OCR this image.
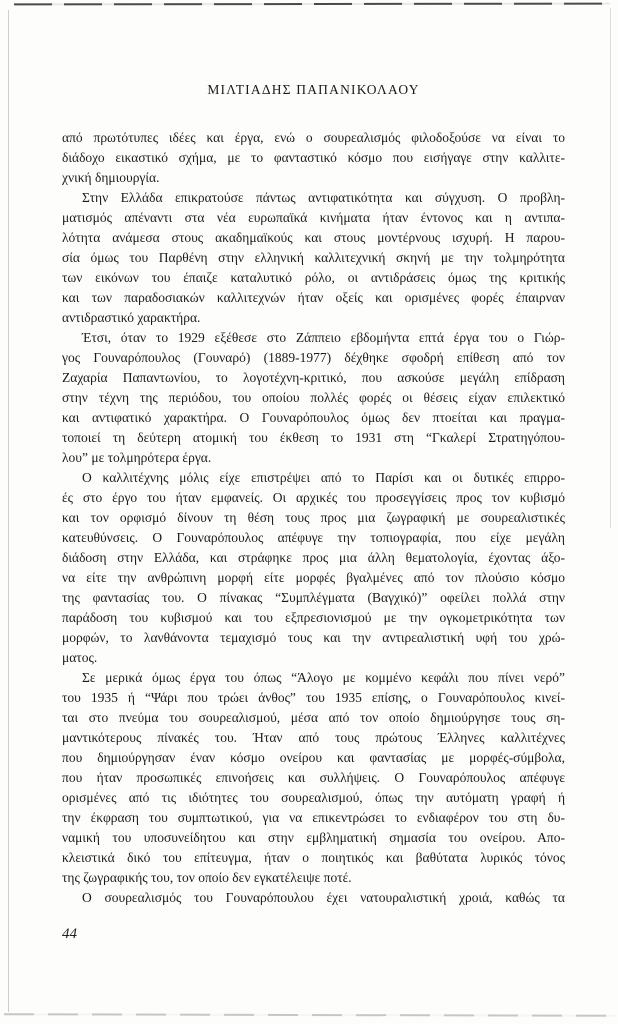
ΜΙΛΤΙΑΔΗΣ ΠΑΠΑΝΙΚΟΛΑΟΥ
από πρωτότυπες ιδέες και έργα, ενώ ο σουρεαλισμός φιλοδοξούσε να είναι το
διάδοχο εικαστικό σχήμα, με το φανταστικό κόσμο που εισήγαγε στην καλλιτε-
χνική δημιουργία.
Στην Ελλάδα επικρατούσε πάντως αντιφατικότητα και σύγχυση. Ο προβλη-
ματισμός απέναντι στα νέα ευρωπαϊκά κινήματα ήταν έντονος και η αντιπα-
λότητα ανάμεσα στους ακαδημαϊκούς και στους μοντέρνους ισχυρή. Η παρου-
σία όμως του Παρθένη στην ελληνική καλλιτεχνική σκηνή με την τολμηρότητα
των εικόνων του έπαιζε καταλυτικό ρόλο, οι αντιδράσεις όμως της κριτικής
και των παραδοσιακών καλλιτεχνών ήταν οξείς και ορισμένες φορές έπαιρναν
αντιδραστικό χαρακτήρα.
Έτσι, όταν το 1929 εξέθεσε στο Ζάππειο εβδομήντα επτά έργα του ο Γιώρ-
γος Γουναρόπουλος (Γουναρό) (1889-1977) δέχθηκε σφοδρή επίθεση από τον
Ζαχαρία Παπαντωνίου, το λογοτέχνη-κριτικό, που ασκούσε μεγάλη επίδραση
στην τέχνη της περιόδου, του οποίου πολλές φορές οι θέσεις είχαν επιλεκτικό
και αντιφατικό χαρακτήρα. Ο Γουναρόπουλος όμως δεν πτοείται και πραγμα-
τοποιεί τη δεύτερη ατομική του έκθεση το 1931 στη “Γκαλερί Στρατηγόπου-
λου” με τολμηρότερα έργα.
Ο καλλιτέχνης μόλις είχε επιστρέψει από το Παρίσι και οι δυτικές επιρρο-
ές στο έργο του ήταν εμφανείς. Οι αρχικές του προσεγγίσεις προς τον κυβισμό
και τον ορφισμό δίνουν τη θέση τους προς μια ζωγραφική με σουρεαλιστικές
κατευθύνσεις. Ο Γουναρόπουλος απέφυγε την τοπιογραφία, που είχε μεγάλη
διάδοση στην Ελλάδα, και στράφηκε προς μια άλλη θεματολογία, έχοντας άξο-
να είτε την ανθρώπινη μορφή είτε μορφές βγαλμένες από τον πλούσιο κόσμο
της φαντασίας του. Ο πίνακας “Συμπλέγματα (Βαγχικό)” οφείλει πολλά στην
παράδοση του κυβισμού και του εξπρεσιονισμού με την ογκομετρικότητα των
μορφών, το λανθάνοντα τεμαχισμό τους και την αντιρεαλιστική υφή του χρώ-
ματος.
Σε μερικά όμως έργα του όπως “Άλογο με κομμένο κεφάλι που πίνει νερό”
του 1935 ή “Ψάρι που τρώει άνθος” του 1935 επίσης, ο Γουναρόπουλος κινεί-
ται στο πνεύμα του σουρεαλισμού, μέσα από τον οποίο δημιούργησε τους ση-
μαντικότερους πίνακές του. Ήταν από τους πρώτους Έλληνες καλλιτέχνες
που δημιούργησαν έναν κόσμο ονείρου και φαντασίας με μορφές-σύμβολα,
που ήταν προσωπικές επινοήσεις και συλλήψεις. Ο Γουναρόπουλος απέφυγε
ορισμένες από τις ιδιότητες του σουρεαλισμού, όπως την αυτόματη γραφή ή
την έκφραση του συμπτωτικού, για να επικεντρώσει το ενδιαφέρον του στη δυ-
ναμική του υποσυνείδητου και στην εμβληματική σημασία του ονείρου. Απο-
κλειστικά δικό του επίτευγμα, ήταν ο ποιητικός και βαθύτατα λυρικός τόνος
της ζωγραφικής του, τον οποίο δεν εγκατέλειψε ποτέ.
Ο σουρεαλισμός του Γουναρόπουλου έχει νατουραλιστική χροιά, καθώς τα
44
